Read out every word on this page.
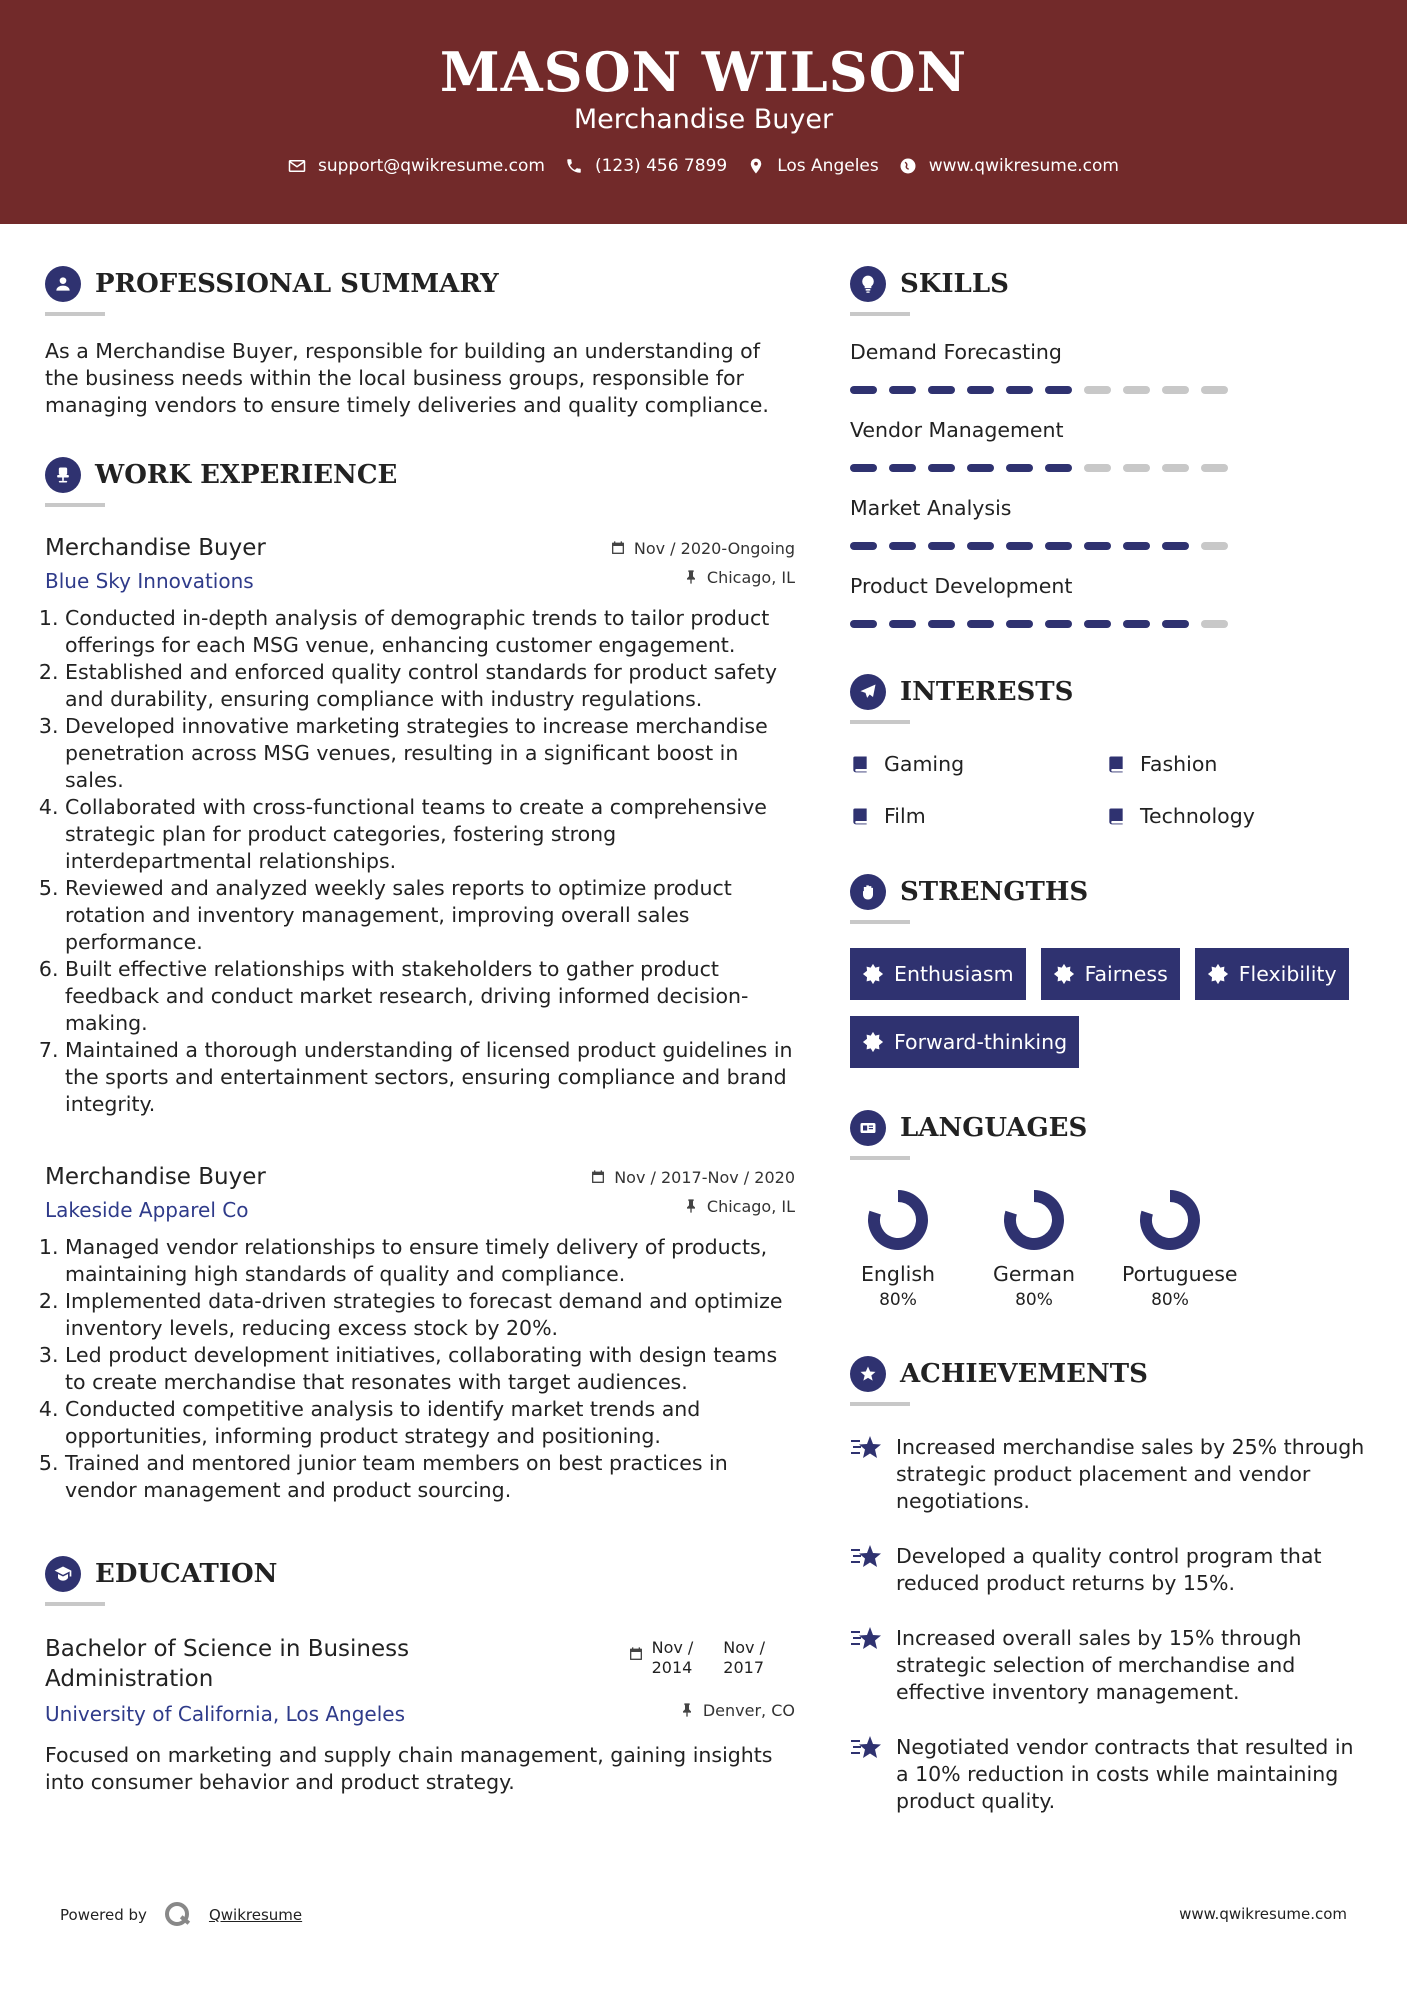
MASON WILSON
Merchandise Buyer
support@qwikresume.com	(123) 456 7899	Los Angeles	www.qwikresume.com
PROFESSIONAL SUMMARY

As a Merchandise Buyer, responsible for building an understanding of the business needs within the local business groups, responsible for managing vendors to ensure timely deliveries and quality compliance.

WORK EXPERIENCE
Merchandise Buyer	Nov / 2020-Ongoing
Blue Sky Innovations	Chicago, IL
1. Conducted in-depth analysis of demographic trends to tailor product offerings for each MSG venue, enhancing customer engagement.
2. Established and enforced quality control standards for product safety and durability, ensuring compliance with industry regulations.
3. Developed innovative marketing strategies to increase merchandise penetration across MSG venues, resulting in a significant boost in sales.
4. Collaborated with cross-functional teams to create a comprehensive strategic plan for product categories, fostering strong interdepartmental relationships.
5. Reviewed and analyzed weekly sales reports to optimize product rotation and inventory management, improving overall sales performance.
6. Built effective relationships with stakeholders to gather product feedback and conduct market research, driving informed decision-making.
7. Maintained a thorough understanding of licensed product guidelines in the sports and entertainment sectors, ensuring compliance and brand integrity.
Merchandise Buyer	Nov / 2017-Nov / 2020
Lakeside Apparel Co	Chicago, IL
1. Managed vendor relationships to ensure timely delivery of products, maintaining high standards of quality and compliance.
2. Implemented data-driven strategies to forecast demand and optimize inventory levels, reducing excess stock by 20%.
3. Led product development initiatives, collaborating with design teams to create merchandise that resonates with target audiences.
4. Conducted competitive analysis to identify market trends and opportunities, informing product strategy and positioning.
5. Trained and mentored junior team members on best practices in vendor management and product sourcing.
EDUCATION
Bachelor of Science in Business Administration
Nov /
2014
Nov /
2017
University of California, Los Angeles	Denver, CO

Focused on marketing and supply chain management, gaining insights into consumer behavior and product strategy.

SKILLS
Demand Forecasting
Vendor Management
Market Analysis
Product Development
INTERESTS
Gaming	Fashion
Film	Technology
STRENGTHS
Enthusiasm	Fairness	Flexibility
Forward-thinking
LANGUAGES
English
80%
German
80%
Portuguese
80%
ACHIEVEMENTS
Increased merchandise sales by 25% through strategic product placement and vendor negotiations.
Developed a quality control program that reduced product returns by 15%.
Increased overall sales by 15% through strategic selection of merchandise and effective inventory management.
Negotiated vendor contracts that resulted in a 10% reduction in costs while maintaining product quality.
Powered by	Qwikresume	www.qwikresume.com
